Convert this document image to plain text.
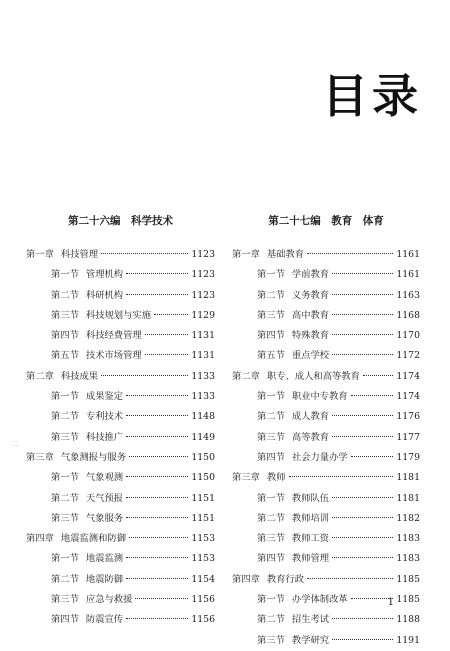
目录
二
第二十六编　科学技术
第一章 科技管理	1123
第一节 管理机构	1123
第二节 科研机构	1123
第三节 科技规划与实施	1129
第四节 科技经费管理	1131
第五节 技术市场管理	1131
第二章 科技成果	1133
第一节 成果鉴定	1133
第二节 专利技术	1148
第三节 科技推广	1149
第三章 气象测报与服务	1150
第一节 气象观测	1150
第二节 天气预报	1151
第三节 气象服务	1151
第四章 地震监测和防御	1153
第一节 地震监测	1153
第二节 地震防御	1154
第三节 应急与救援	1156
第四节 防震宣传	1156
第二十七编　教育　体育
第一章 基础教育	1161
第一节 学前教育	1161
第二节 义务教育	1163
第三节 高中教育	1168
第四节 特殊教育	1170
第五节 重点学校	1172
第二章 职专、成人和高等教育	1174
第一节 职业中专教育	1174
第二节 成人教育	1176
第三节 高等教育	1177
第四节 社会力量办学	1179
第三章 教师	1181
第一节 教师队伍	1181
第二节 教师培训	1182
第三节 教师工资	1183
第四节 教师管理	1183
第四章 教育行政	1185
第一节 办学体制改革	1185
第二节 招生考试	1188
第三节 教学研究	1191
1
